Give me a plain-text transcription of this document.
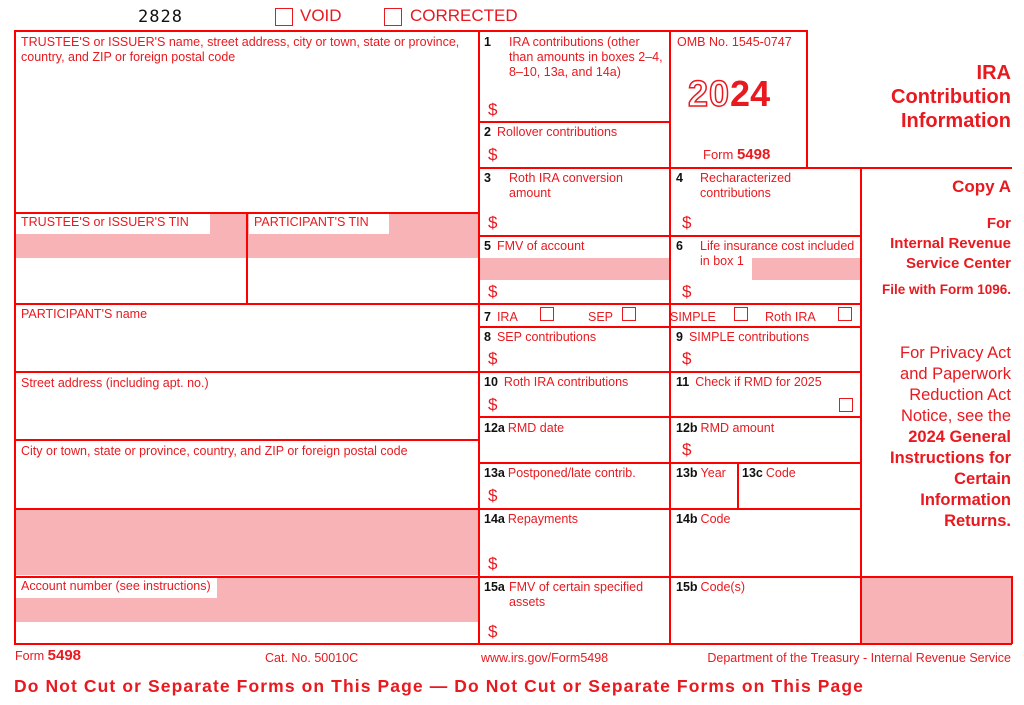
2828	VOID	CORRECTED
TRUSTEE'S or ISSUER'S name, street address, city or town, state or province, country, and ZIP or foreign postal code
TRUSTEE'S or ISSUER'S TIN	PARTICIPANT'S TIN
PARTICIPANT'S name
Street address (including apt. no.)
City or town, state or province, country, and ZIP or foreign postal code
Account number (see instructions)
OMB No. 1545-0747
2024
Form 5498
IRA
Contribution
Information
Copy A
For
Internal Revenue
Service Center
File with Form 1096.
For Privacy Act
and Paperwork
Reduction Act
Notice, see the
2024 General
Instructions for
Certain
Information
Returns.
1	IRA contributions (other than amounts in boxes 2–4, 8–10, 13a, and 14a)
$
2 Rollover contributions
$
3	Roth IRA conversion amount
$
4	Recharacterized contributions
$
5 FMV of account
$
6	Life insurance cost included in box 1
$
7 IRA	SEP	SIMPLE	Roth IRA
8 SEP contributions
$
9 SIMPLE contributions
$
10 Roth IRA contributions
$
11 Check if RMD for 2025
12a RMD date	12b RMD amount
$
13a Postponed/late contrib.
$
13b Year 13c Code
14a Repayments
$
14b Code
15a FMV of certain specified assets
$
15b Code(s)
Form 5498	Cat. No. 50010C	www.irs.gov/Form5498	Department of the Treasury - Internal Revenue Service
Do Not Cut or Separate Forms on This Page — Do Not Cut or Separate Forms on This Page
